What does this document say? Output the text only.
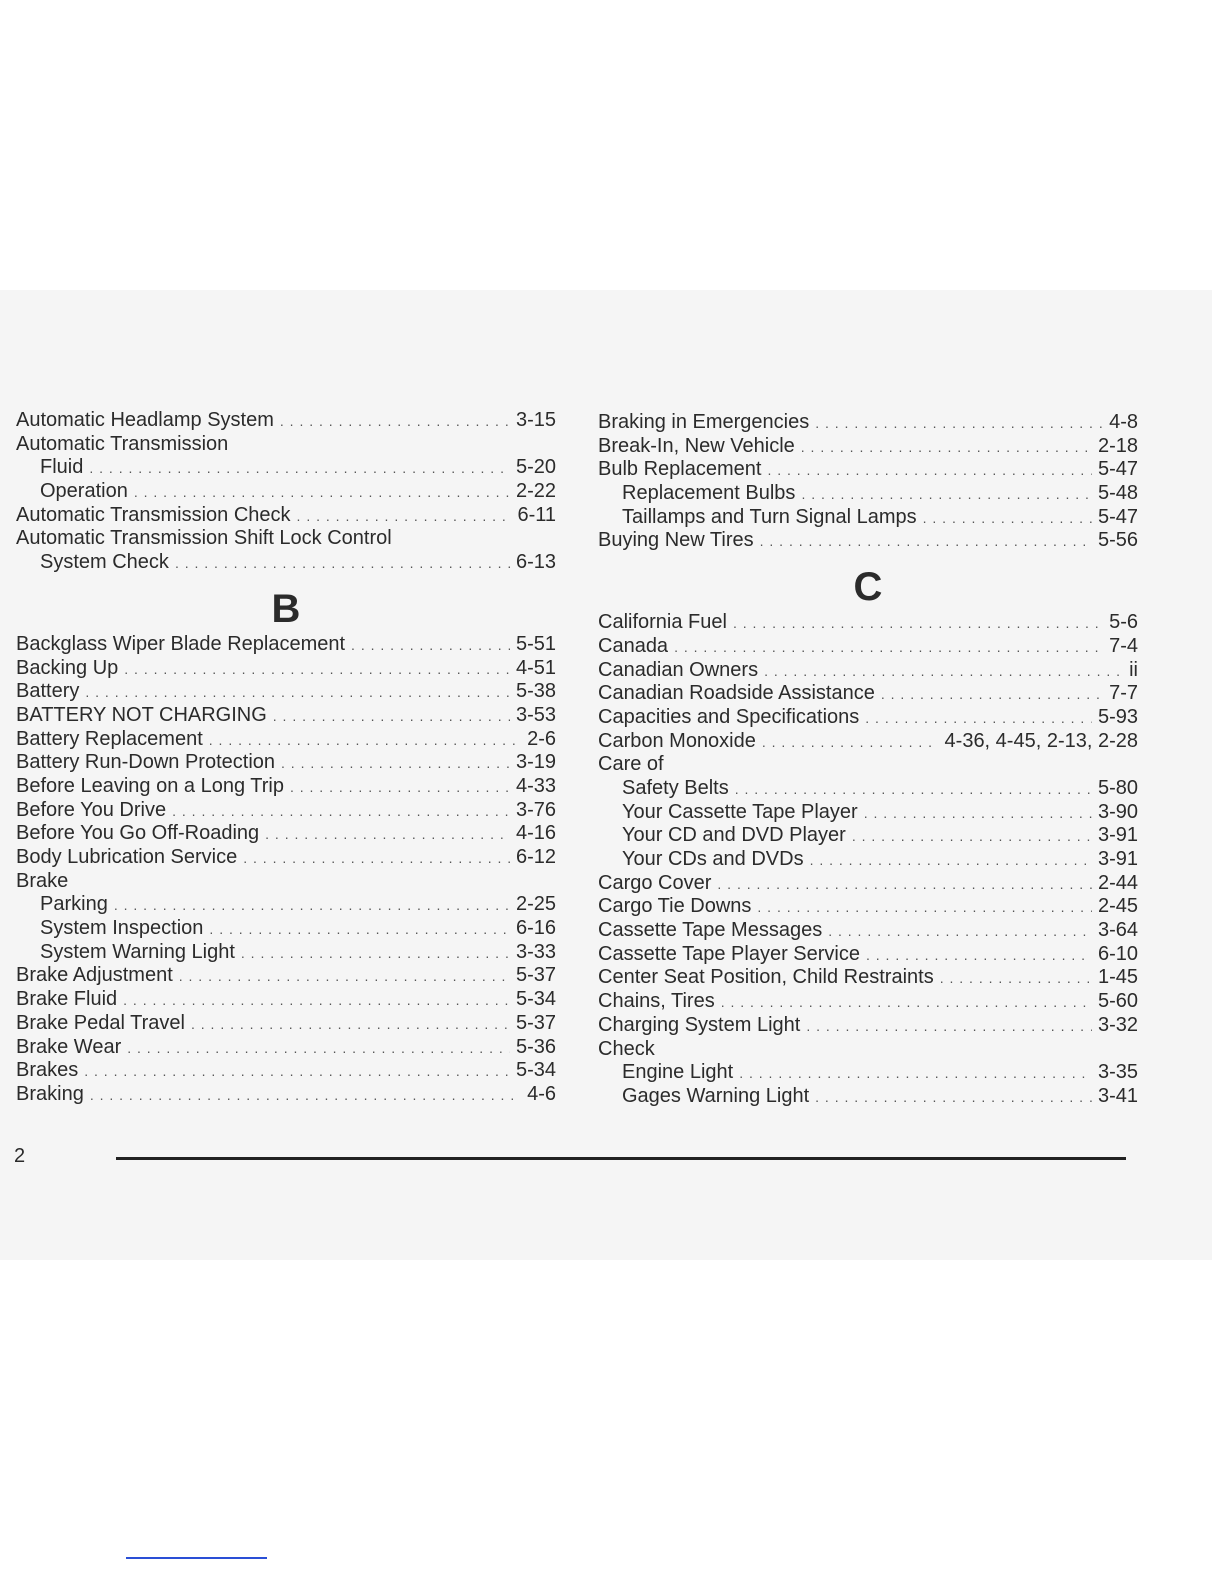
Automatic Headlamp System . . .	3-15
Automatic Transmission
Fluid . . .	5-20
Operation . . .	2-22
Automatic Transmission Check . . .	6-11
Automatic Transmission Shift Lock Control
System Check . . .	6-13
B
Backglass Wiper Blade Replacement . . .	5-51
Backing Up . . .	4-51
Battery . . .	5-38
BATTERY NOT CHARGING . . .	3-53
Battery Replacement . . .	2-6
Battery Run-Down Protection . . .	3-19
Before Leaving on a Long Trip . . .	4-33
Before You Drive . . .	3-76
Before You Go Off-Roading . . .	4-16
Body Lubrication Service . . .	6-12
Brake
Parking . . .	2-25
System Inspection . . .	6-16
System Warning Light . . .	3-33
Brake Adjustment . . .	5-37
Brake Fluid . . .	5-34
Brake Pedal Travel . . .	5-37
Brake Wear . . .	5-36
Brakes . . .	5-34
Braking . . .	4-6
Braking in Emergencies . . .	4-8
Break-In, New Vehicle . . .	2-18
Bulb Replacement . . .	5-47
Replacement Bulbs . . .	5-48
Taillamps and Turn Signal Lamps . . .	5-47
Buying New Tires . . .	5-56
C
California Fuel . . .	5-6
Canada . . .	7-4
Canadian Owners . . .	ii
Canadian Roadside Assistance . . .	7-7
Capacities and Specifications . . .	5-93
Carbon Monoxide . . .	4-36, 4-45, 2-13, 2-28
Care of
Safety Belts . . .	5-80
Your Cassette Tape Player . . .	3-90
Your CD and DVD Player . . .	3-91
Your CDs and DVDs . . .	3-91
Cargo Cover . . .	2-44
Cargo Tie Downs . . .	2-45
Cassette Tape Messages . . .	3-64
Cassette Tape Player Service . . .	6-10
Center Seat Position, Child Restraints . . .	1-45
Chains, Tires . . .	5-60
Charging System Light . . .	3-32
Check
Engine Light . . .	3-35
Gages Warning Light . . .	3-41
2
